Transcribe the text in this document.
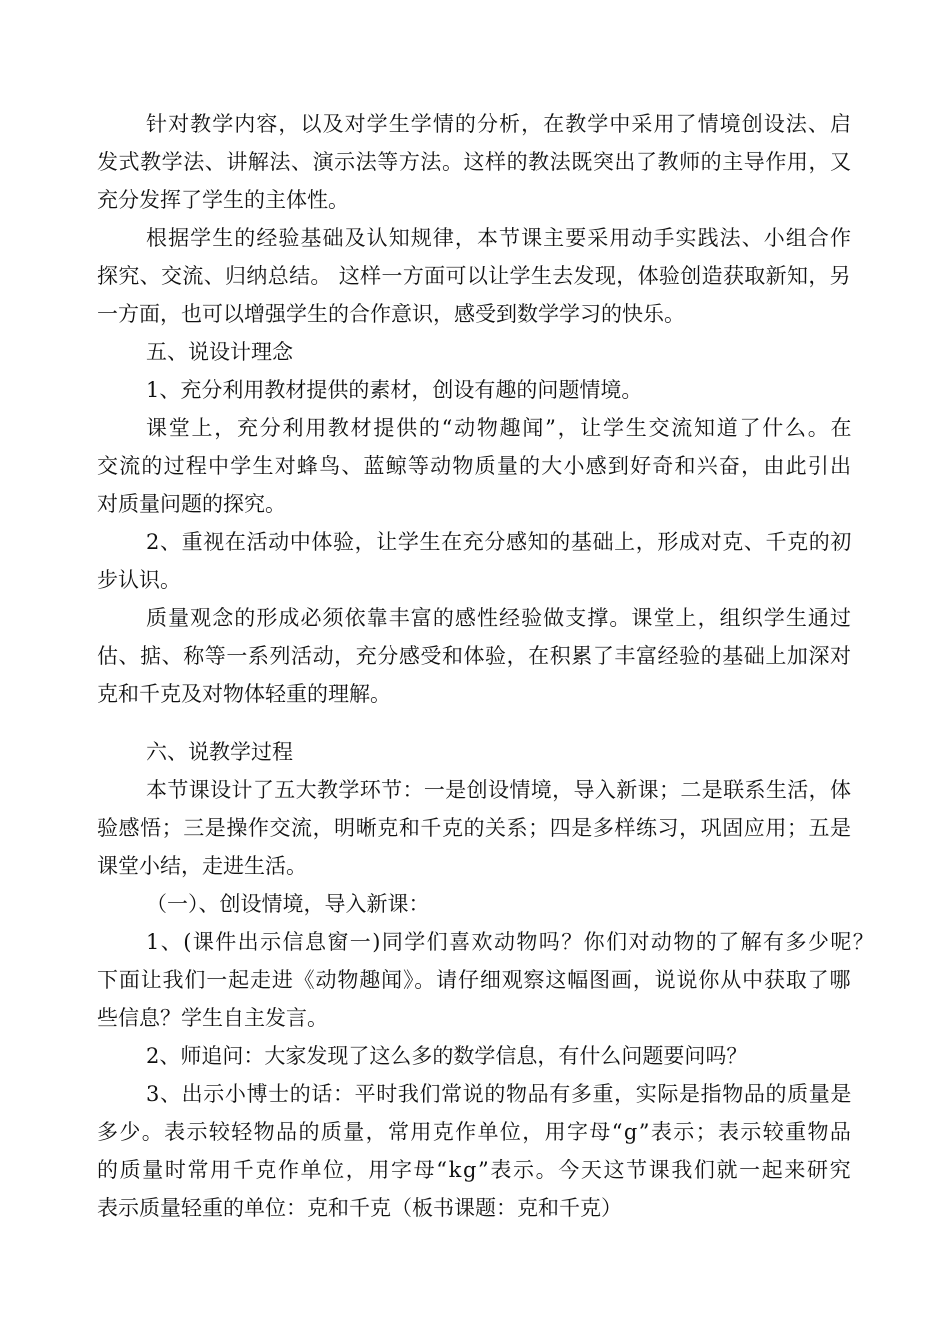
针对教学内容，以及对学生学情的分析，在教学中采用了情境创设法、启

发式教学法、讲解法、演示法等方法。这样的教法既突出了教师的主导作用，又

充分发挥了学生的主体性。

根据学生的经验基础及认知规律，本节课主要采用动手实践法、小组合作

探究、交流、归纳总结。 这样一方面可以让学生去发现，体验创造获取新知，另

一方面，也可以增强学生的合作意识，感受到数学学习的快乐。

五、说设计理念

1、充分利用教材提供的素材，创设有趣的问题情境。

课堂上，充分利用教材提供的“动物趣闻”，让学生交流知道了什么。在

交流的过程中学生对蜂鸟、蓝鲸等动物质量的大小感到好奇和兴奋，由此引出

对质量问题的探究。

2、重视在活动中体验，让学生在充分感知的基础上，形成对克、千克的初

步认识。

质量观念的形成必须依靠丰富的感性经验做支撑。课堂上，组织学生通过

估、掂、称等一系列活动，充分感受和体验，在积累了丰富经验的基础上加深对

克和千克及对物体轻重的理解。

六、说教学过程

本节课设计了五大教学环节：一是创设情境，导入新课；二是联系生活，体

验感悟；三是操作交流，明晰克和千克的关系；四是多样练习，巩固应用；五是

课堂小结，走进生活。

（一）、创设情境，导入新课：

1、(课件出示信息窗一)同学们喜欢动物吗？你们对动物的了解有多少呢？

下面让我们一起走进《动物趣闻》。请仔细观察这幅图画，说说你从中获取了哪

些信息？学生自主发言。

2、师追问：大家发现了这么多的数学信息，有什么问题要问吗？

3、出示小博士的话：平时我们常说的物品有多重，实际是指物品的质量是

多少。表示较轻物品的质量，常用克作单位，用字母“g”表示；表示较重物品

的质量时常用千克作单位，用字母“kg”表示。今天这节课我们就一起来研究

表示质量轻重的单位：克和千克（板书课题：克和千克）
